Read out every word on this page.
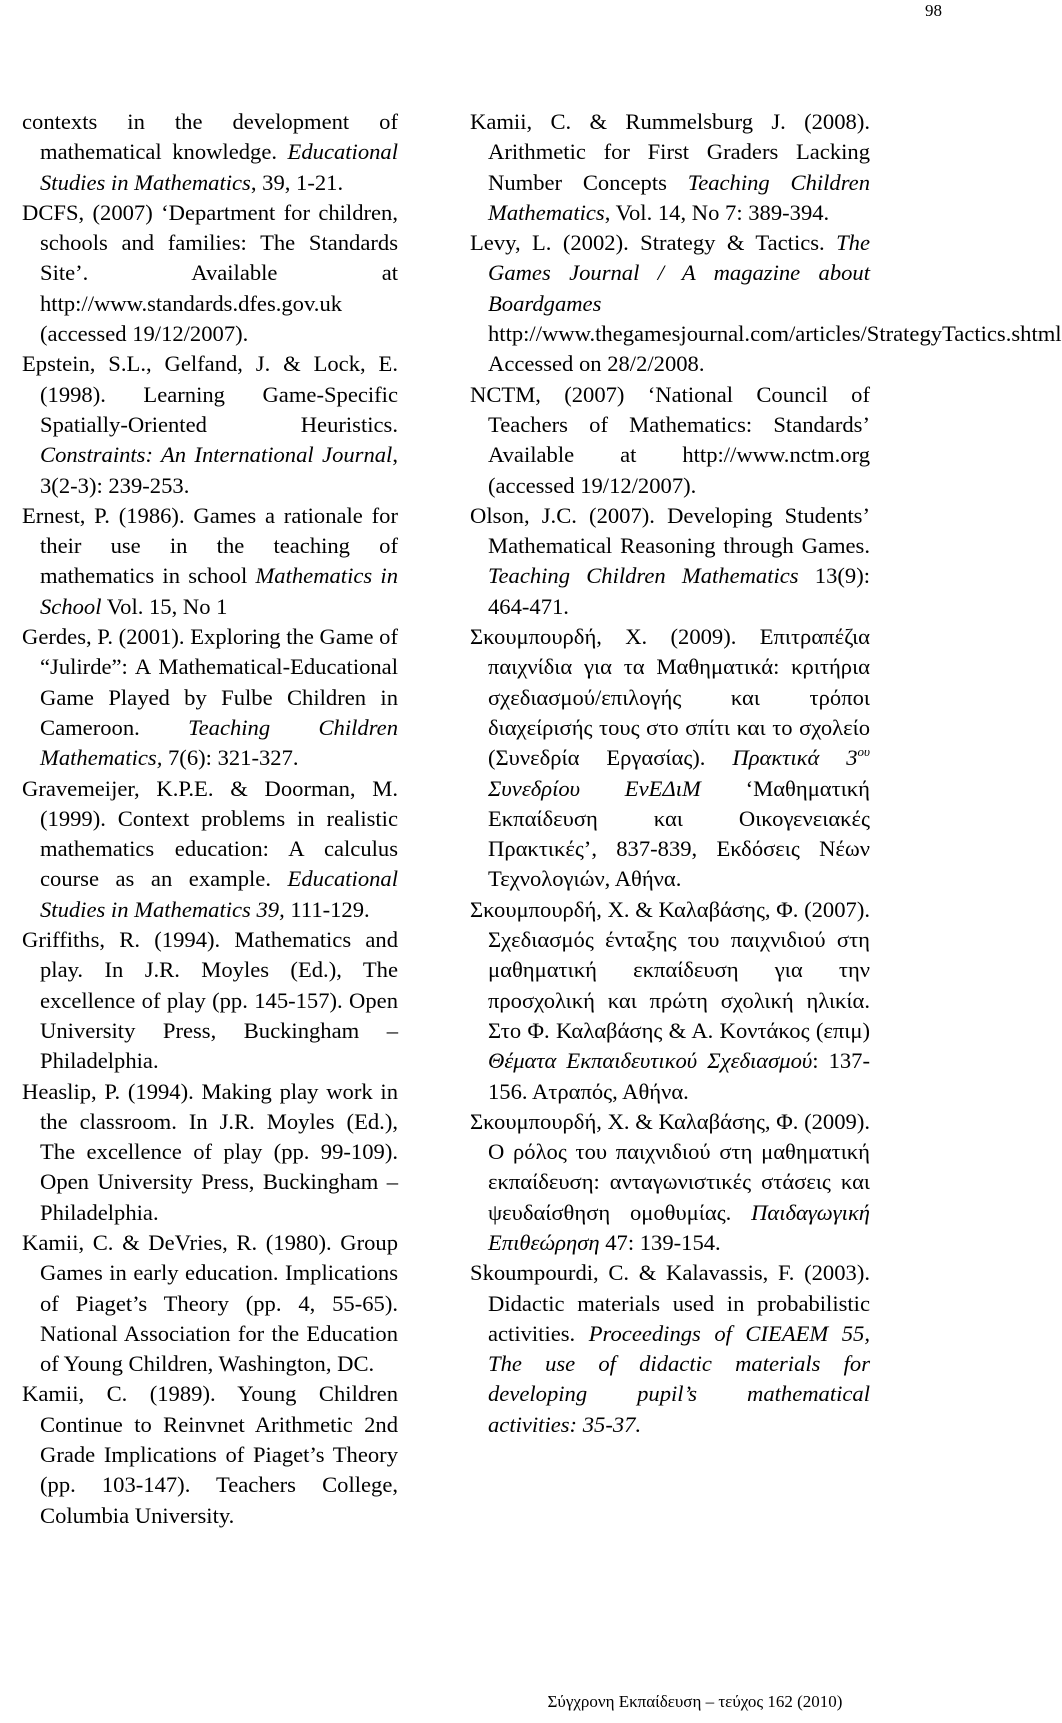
98

contexts in the development of mathematical knowledge. Educational Studies in Mathematics, 39, 1-21.

DCFS, (2007) ‘Department for children, schools and families: The Standards Site’. Available at http://www.standards.dfes.gov.uk (accessed 19/12/2007).

Epstein, S.L., Gelfand, J. & Lock, E. (1998). Learning Game-Specific Spatially-Oriented Heuristics. Constraints: An International Journal, 3(2-3): 239-253.

Ernest, P. (1986). Games a rationale for their use in the teaching of mathematics in school Mathematics in School Vol. 15, No 1

Gerdes, P. (2001). Exploring the Game of “Julirde”: A Mathematical-Educational Game Played by Fulbe Children in Cameroon. Teaching Children Mathematics, 7(6): 321-327.

Gravemeijer, K.P.E. & Doorman, M. (1999). Context problems in realistic mathematics education: A calculus course as an example. Educational Studies in Mathematics 39, 111-129.

Griffiths, R. (1994). Mathematics and play. In J.R. Moyles (Ed.), The excellence of play (pp. 145-157). Open University Press, Buckingham – Philadelphia.

Heaslip, P. (1994). Making play work in the classroom. In J.R. Moyles (Ed.), The excellence of play (pp. 99-109). Open University Press, Buckingham – Philadelphia.

Kamii, C. & DeVries, R. (1980). Group Games in early education. Implications of Piaget’s Theory (pp. 4, 55-65). National Association for the Education of Young Children, Washington, DC.

Kamii, C. (1989). Young Children Continue to Reinvnet Arithmetic 2nd Grade Implications of Piaget’s Theory (pp. 103-147). Teachers College, Columbia University.

Kamii, C. & Rummelsburg J. (2008). Arithmetic for First Graders Lacking Number Concepts Teaching Children Mathematics, Vol. 14, No 7: 389-394.

Levy, L. (2002). Strategy & Tactics. The Games Journal / A magazine about Boardgames http://www.thegamesjournal.com/articles/StrategyTactics.shtml Accessed on 28/2/2008.

NCTM, (2007) ‘National Council of Teachers of Mathematics: Standards’ Available at http://www.nctm.org (accessed 19/12/2007).

Olson, J.C. (2007). Developing Students’ Mathematical Reasoning through Games. Teaching Children Mathematics 13(9): 464-471.

Σκουμπουρδή, Χ. (2009). Επιτραπέζια παιχνίδια για τα Μαθηματικά: κριτήρια σχεδιασμού/επιλογής και τρόποι διαχείρισής τους στο σπίτι και το σχολείο (Συνεδρία Εργασίας). Πρακτικά $3^{o\upsilon}$ Συνεδρίου ΕνΕΔιΜ ‘Μαθηματική Εκπαίδευση και Οικογενειακές Πρακτικές’, 837-839, Εκδόσεις Νέων Τεχνολογιών, Αθήνα.

Σκουμπουρδή, Χ. & Καλαβάσης, Φ. (2007). Σχεδιασμός ένταξης του παιχνιδιού στη μαθηματική εκπαίδευση για την προσχολική και πρώτη σχολική ηλικία. Στο Φ. Καλαβάσης & Α. Κοντάκος (επιμ) Θέματα Εκπαιδευτικού Σχεδιασμού: 137-156. Ατραπός, Αθήνα.

Σκουμπουρδή, Χ. & Καλαβάσης, Φ. (2009). Ο ρόλος του παιχνιδιού στη μαθηματική εκπαίδευση: ανταγωνιστικές στάσεις και ψευδαίσθηση ομοθυμίας. Παιδαγωγική Επιθεώρηση 47: 139-154.

Skoumpourdi, C. & Kalavassis, F. (2003). Didactic materials used in probabilistic activities. Proceedings of CIEAEM 55, The use of didactic materials for developing pupil’s mathematical activities: 35-37.

Σύγχρονη Εκπαίδευση – τεύχος 162 (2010)
